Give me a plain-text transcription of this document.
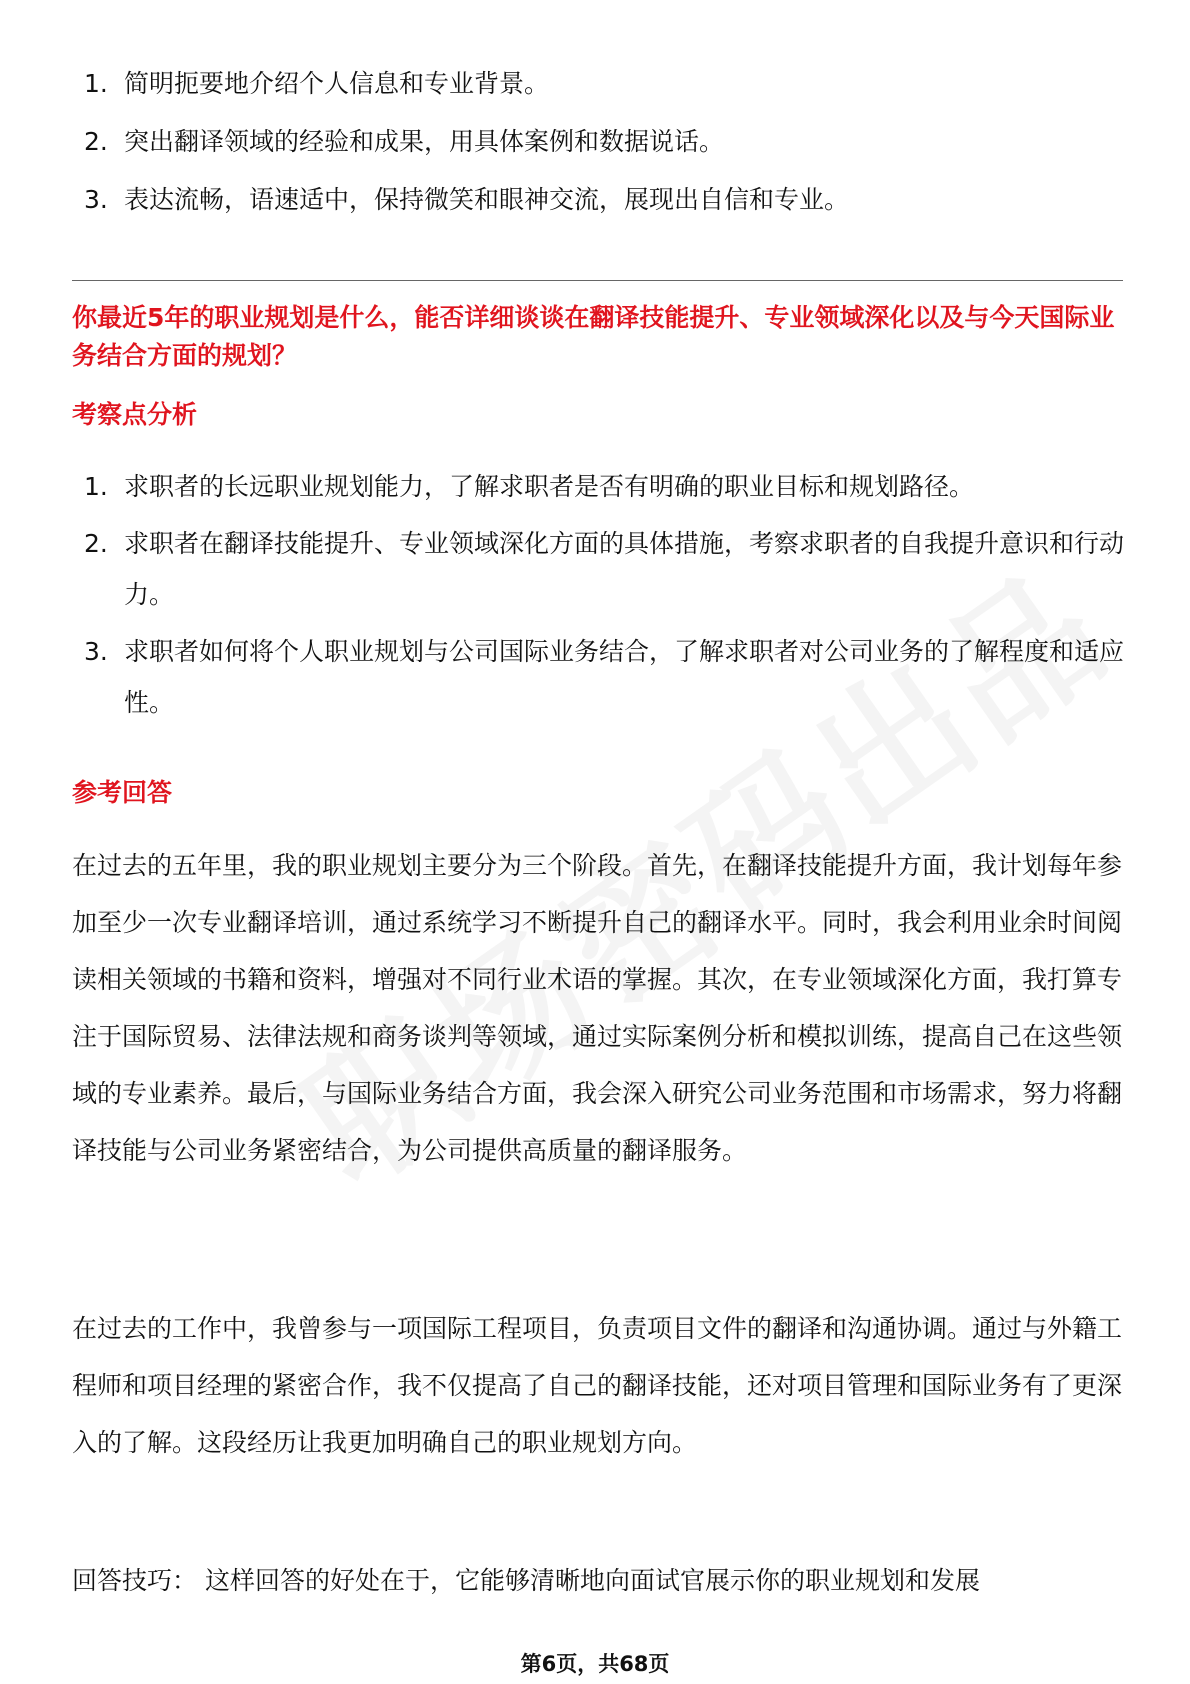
1. 简明扼要地介绍个人信息和专业背景。
2. 突出翻译领域的经验和成果，用具体案例和数据说话。
3. 表达流畅，语速适中，保持微笑和眼神交流，展现出自信和专业。
你最近5年的职业规划是什么，能否详细谈谈在翻译技能提升、专业领域深化以及与今天国际业务结合方面的规划？
考察点分析
1. 求职者的长远职业规划能力，了解求职者是否有明确的职业目标和规划路径。
2. 求职者在翻译技能提升、专业领域深化方面的具体措施，考察求职者的自我提升意识和行动力。
3. 求职者如何将个人职业规划与公司国际业务结合，了解求职者对公司业务的了解程度和适应性。
参考回答

在过去的五年里，我的职业规划主要分为三个阶段。首先，在翻译技能提升方面，我计划每年参加至少一次专业翻译培训，通过系统学习不断提升自己的翻译水平。同时，我会利用业余时间阅读相关领域的书籍和资料，增强对不同行业术语的掌握。其次，在专业领域深化方面，我打算专注于国际贸易、法律法规和商务谈判等领域，通过实际案例分析和模拟训练，提高自己在这些领域的专业素养。最后，与国际业务结合方面，我会深入研究公司业务范围和市场需求，努力将翻译技能与公司业务紧密结合，为公司提供高质量的翻译服务。

在过去的工作中，我曾参与一项国际工程项目，负责项目文件的翻译和沟通协调。通过与外籍工程师和项目经理的紧密合作，我不仅提高了自己的翻译技能，还对项目管理和国际业务有了更深入的了解。这段经历让我更加明确自己的职业规划方向。

回答技巧： 这样回答的好处在于，它能够清晰地向面试官展示你的职业规划和发展

第6页，共68页
